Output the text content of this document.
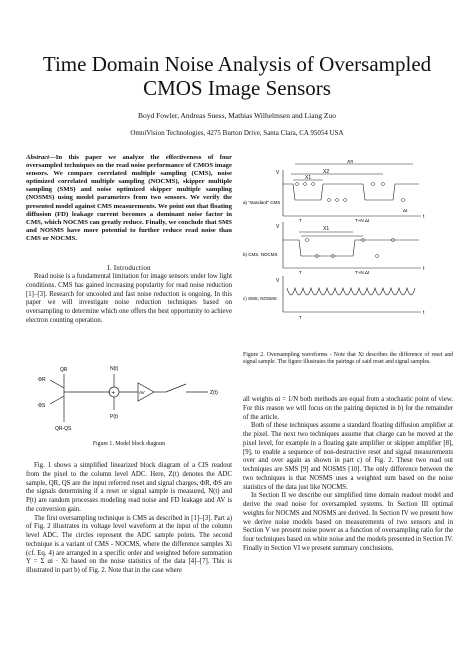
Time Domain Noise Analysis of Oversampled
CMOS Image Sensors
Boyd Fowler, Andreas Suess, Mathias Wilhelmsen and Liang Zuo
OmniVision Technologies, 4275 Burton Drive, Santa Clara, CA 95054 USA
Abstract—In this paper we analyze the effectiveness of four oversampled techniques on the read noise performance of CMOS image sensors. We compare correlated multiple sampling (CMS), noise optimized correlated multiple sampling (NOCMS), skipper multiple sampling (SMS) and noise optimized skipper multiple sampling (NOSMS) using model parameters from two sensors. We verify the presented model against CMS measurements. We point out that floating diffusion (FD) leakage current becomes a dominant noise factor in CMS, which NOCMS can greatly reduce. Finally, we conclude that SMS and NOSMS have more potential to further reduce read noise than CMS or NOCMS.
I. Introduction

Read noise is a fundamental limitation for image sensors under low light conditions. CMS has gained increasing popularity for read noise reduction [1]–[3]. Research for uncooled and fast noise reduction is ongoing. In this paper we will investigate noise reduction techniques based on oversampling to determine which one offers the best opportunity to achieve electron counting operation.

QR
ΦR
ΦS
QR-QS
N(t)
P(t)
+	AV	Z(t)
Figure 1. Model block diagram

Fig. 1 shows a simplified linearized block diagram of a CIS readout from the pixel to the column level ADC. Here, Z(t) denotes the ADC sample, QR, QS are the input referred reset and signal charges, ΦR, ΦS are the signals determining if a reset or signal sample is measured, N(t) and P(t) are random processes modeling read noise and FD leakage and AV is the conversion gain.

The first oversampling technique is CMS as described in [1]–[3]. Part a) of Fig. 2 illustrates its voltage level waveform at the input of the column level ADC. The circles represent the ADC sample points. The second technique is a variant of CMS - NOCMS, where the difference samples Xi (cf. Eq. 4) are arranged in a specific order and weighted before summation Y = Σ αi · Xi based on the noise statistics of the data [4]–[7]. This is illustrated in part b) of Fig. 2. Note that in the case where

V
t
Xn
X2
X1
Δt
T	T+N Δt
a) "standard" CMS
V
t
X1
b) CMS, NOCMS
T	T+N Δt
V
t
c) SMS, NOSMS
T
Figure 2. Oversampling waveforms - Note that Xi describes the difference of reset and signal sample. The figure illustrates the pairings of said reset and signal samples.

all weights αi = 1/N both methods are equal from a stochastic point of view. For this reason we will focus on the pairing depicted in b) for the remainder of the article.

Both of these techniques assume a standard floating diffusion amplifier at the pixel. The next two techniques assume that charge can be moved at the pixel level, for example in a floating gate amplifier or skipper amplifier [8], [9], to enable a sequence of non-destructive reset and signal measurements over and over again as shown in part c) of Fig. 2. These two read out techniques are SMS [9] and NOSMS [10]. The only difference between the two techniques is that NOSMS uses a weighted sum based on the noise statistics of the data just like NOCMS.

In Section II we describe our simplified time domain readout model and derive the read noise for oversampled systems. In Section III optimal weights for NOCMS and NOSMS are derived. In Section IV we present how we derive noise models based on measurements of two sensors and in Section V we present noise power as a function of oversampling ratio for the four techniques based on white noise and the models presented in Section IV. Finally in Section VI we present summary conclusions.
